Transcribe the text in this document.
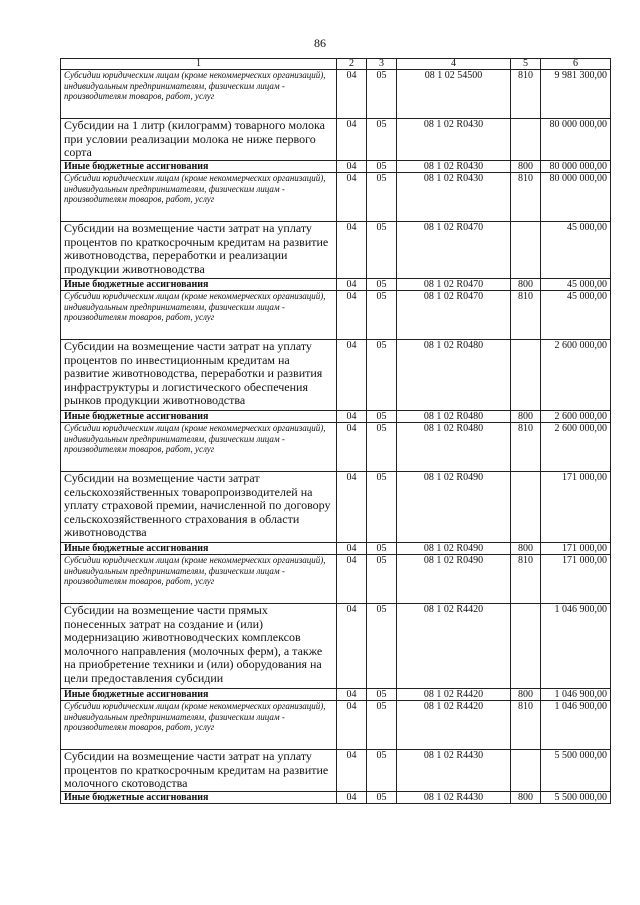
86
1	2	3	4	5	6
Субсидии юридическим лицам (кроме некоммерческих организаций), индивидуальным предпринимателям, физическим лицам - производителям товаров, работ, услуг	04	05	08 1 02 54500	810	9 981 300,00
Субсидии на 1 литр (килограмм) товарного молока при условии реализации молока не ниже первого сорта	04	05	08 1 02 R0430		80 000 000,00
Иные бюджетные ассигнования	04	05	08 1 02 R0430	800	80 000 000,00
Субсидии юридическим лицам (кроме некоммерческих организаций), индивидуальным предпринимателям, физическим лицам - производителям товаров, работ, услуг	04	05	08 1 02 R0430	810	80 000 000,00
Субсидии на возмещение части затрат на уплату процентов по краткосрочным кредитам на развитие животноводства, переработки и реализации продукции животноводства	04	05	08 1 02 R0470		45 000,00
Иные бюджетные ассигнования	04	05	08 1 02 R0470	800	45 000,00
Субсидии юридическим лицам (кроме некоммерческих организаций), индивидуальным предпринимателям, физическим лицам - производителям товаров, работ, услуг	04	05	08 1 02 R0470	810	45 000,00
Субсидии на возмещение части затрат на уплату процентов по инвестиционным кредитам на развитие животноводства, переработки и развития инфраструктуры и логистического обеспечения рынков продукции животноводства	04	05	08 1 02 R0480		2 600 000,00
Иные бюджетные ассигнования	04	05	08 1 02 R0480	800	2 600 000,00
Субсидии юридическим лицам (кроме некоммерческих организаций), индивидуальным предпринимателям, физическим лицам - производителям товаров, работ, услуг	04	05	08 1 02 R0480	810	2 600 000,00
Субсидии на возмещение части затрат сельскохозяйственных товаропроизводителей на уплату страховой премии, начисленной по договору сельскохозяйственного страхования в области животноводства	04	05	08 1 02 R0490		171 000,00
Иные бюджетные ассигнования	04	05	08 1 02 R0490	800	171 000,00
Субсидии юридическим лицам (кроме некоммерческих организаций), индивидуальным предпринимателям, физическим лицам - производителям товаров, работ, услуг	04	05	08 1 02 R0490	810	171 000,00
Субсидии на возмещение части прямых понесенных затрат на создание и (или) модернизацию животноводческих комплексов молочного направления (молочных ферм), а также на приобретение техники и (или) оборудования на цели предоставления субсидии	04	05	08 1 02 R4420		1 046 900,00
Иные бюджетные ассигнования	04	05	08 1 02 R4420	800	1 046 900,00
Субсидии юридическим лицам (кроме некоммерческих организаций), индивидуальным предпринимателям, физическим лицам - производителям товаров, работ, услуг	04	05	08 1 02 R4420	810	1 046 900,00
Субсидии на возмещение части затрат на уплату процентов по краткосрочным кредитам на развитие молочного скотоводства	04	05	08 1 02 R4430		5 500 000,00
Иные бюджетные ассигнования	04	05	08 1 02 R4430	800	5 500 000,00
